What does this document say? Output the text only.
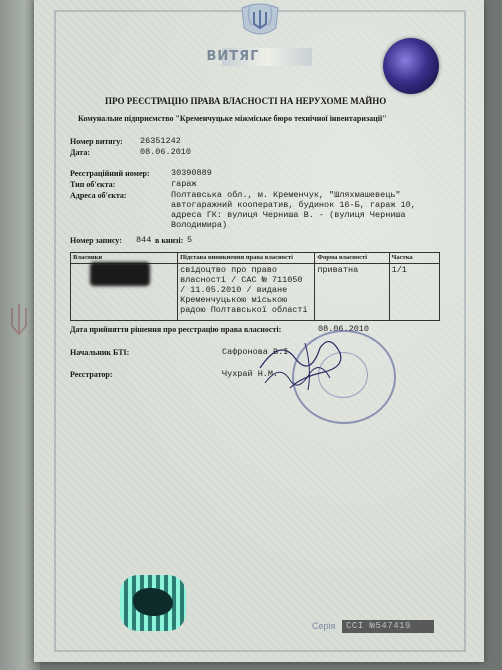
ВИТЯГ
ПРО РЕЄСТРАЦІЮ ПРАВА ВЛАСНОСТІ НА НЕРУХОМЕ МАЙНО
Комунальне підприємство "Кременчуцьке міжміське бюро технічної інвентаризації"
Номер витягу: 26351242
Дата:	08.06.2010
Реєстраційний номер:	30390889
Тип об'єкта:	гараж
Адреса об'єкта:	Полтавська обл., м. Кременчук, "Шляхмашевець"
автогаражний кооператив, будинок 16-Б, гараж 10,
адреса ГК: вулиця Черниша В. - (вулиця Черниша
Володимира)
Номер запису: 844 в книзі: 5
Власники	Підстава виникнення права власності	Форма власності	Частка

	свідоцтво про право
власності / САС № 711050
/ 11.05.2010 / видане
Кременчуцькою міською
радою Полтавської області	приватна	1/1
Дата прийняття рішення про реєстрацію права власності:	08.06.2010
Начальник БТІ:	Сафронова В.І.
Реєстратор:	Чухрай Н.М.
Серія ССІ №547419
